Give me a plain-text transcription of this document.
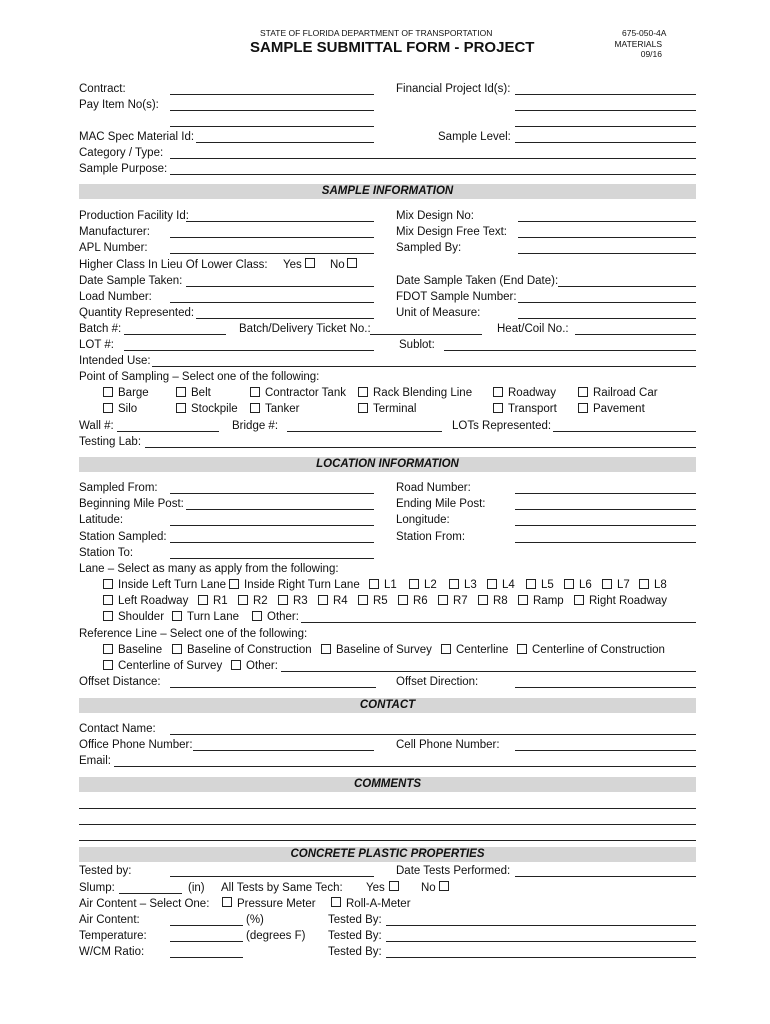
STATE OF FLORIDA DEPARTMENT OF TRANSPORTATION
SAMPLE SUBMITTAL FORM - PROJECT
675-050-4A
MATERIALS
09/16
Contract:	Financial Project Id(s):
Pay Item No(s):
MAC Spec Material Id:	Sample Level:
Category / Type:
Sample Purpose:
SAMPLE INFORMATION
Production Facility Id:	Mix Design No:
Manufacturer:	Mix Design Free Text:
APL Number:	Sampled By:
Higher Class In Lieu Of Lower Class: Yes No
Date Sample Taken:	Date Sample Taken (End Date):
Load Number:	FDOT Sample Number:
Quantity Represented:	Unit of Measure:
Batch #:	Batch/Delivery Ticket No.:	Heat/Coil No.:
LOT #:	Sublot:
Intended Use:
Point of Sampling – Select one of the following:
Barge	Belt	Contractor Tank Rack Blending Line	Roadway	Railroad Car
Silo	Stockpile Tanker	Terminal	Transport	Pavement
Wall #:	Bridge #:	LOTs Represented:
Testing Lab:
LOCATION INFORMATION
Sampled From:	Road Number:
Beginning Mile Post:	Ending Mile Post:
Latitude:	Longitude:
Station Sampled:	Station From:
Station To:
Lane – Select as many as apply from the following:
Inside Left Turn Lane Inside Right Turn Lane L1 L2 L3 L4 L5 L6 L7 L8
Left Roadway R1 R2 R3 R4 R5 R6 R7 R8 Ramp Right Roadway
Shoulder Turn Lane Other:
Reference Line – Select one of the following:
Baseline Baseline of Construction Baseline of Survey Centerline Centerline of Construction
Centerline of Survey Other:
Offset Distance:	Offset Direction:
CONTACT
Contact Name:
Office Phone Number:	Cell Phone Number:
Email:
COMMENTS
CONCRETE PLASTIC PROPERTIES
Tested by:	Date Tests Performed:
Slump:	(in) All Tests by Same Tech: Yes	No
Air Content – Select One: Pressure Meter	Roll-A-Meter
Air Content:	(%)	Tested By:
Temperature:	(degrees F) Tested By:
W/CM Ratio:	Tested By:
